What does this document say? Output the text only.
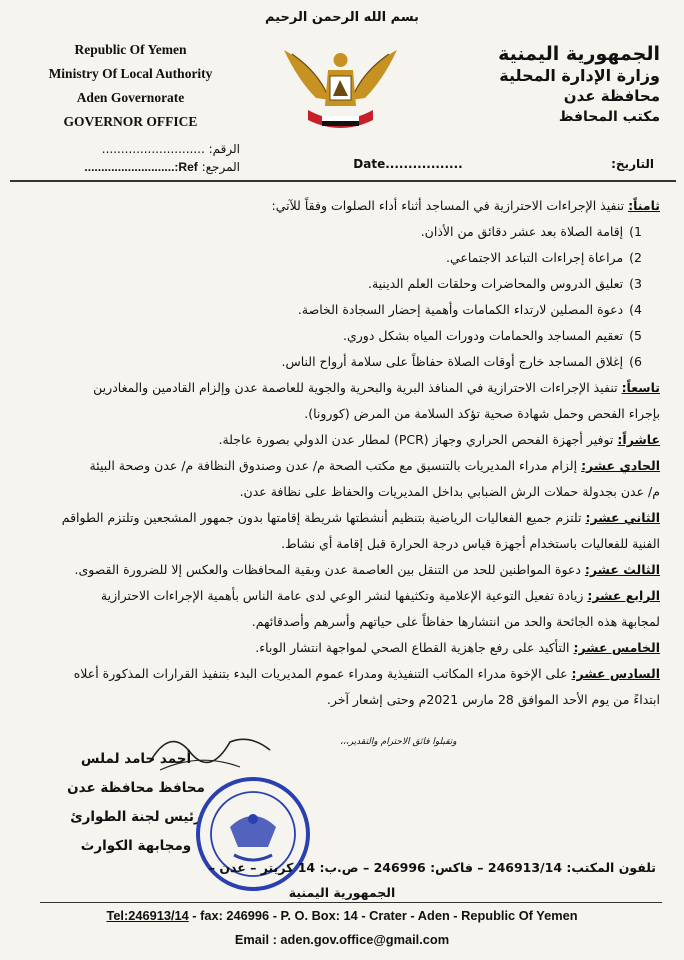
بسم الله الرحمن الرحيم
Republic Of Yemen
Ministry Of Local Authority
Aden Governorate
GOVERNOR OFFICE
الجمهورية اليمنية
وزارة الإدارة المحلية
محافظة عدن
مكتب المحافظ
الرقم: ...........................
المرجع: Ref:...........................	التاريخ:  Date.................
ثامناً: تنفيذ الإجراءات الاحترازية في المساجد أثناء أداء الصلوات وفقاً للآتي:
1)إقامة الصلاة بعد عشر دقائق من الأذان.
2)مراعاة إجراءات التباعد الاجتماعي.
3)تعليق الدروس والمحاضرات وحلقات العلم الدينية.
4)دعوة المصلين لارتداء الكمامات وأهمية إحضار السجادة الخاصة.
5)تعقيم المساجد والحمامات ودورات المياه بشكل دوري.
6)إغلاق المساجد خارج أوقات الصلاة حفاظاً على سلامة أرواح الناس.
تاسعاً: تنفيذ الإجراءات الاحترازية في المنافذ البرية والبحرية والجوية للعاصمة عدن وإلزام القادمين والمغادرين
بإجراء الفحص وحمل شهادة صحية تؤكد السلامة من المرض (كورونا).
عاشراً: توفير أجهزة الفحص الحراري وجهاز (PCR) لمطار عدن الدولي بصورة عاجلة.
الحادي عشر: إلزام مدراء المديريات بالتنسيق مع مكتب الصحة م/ عدن وصندوق النظافة م/ عدن وصحة البيئة
م/ عدن بجدولة حملات الرش الضبابي بداخل المديريات والحفاظ على نظافة عدن.
الثاني عشر: تلتزم جميع الفعاليات الرياضية بتنظيم أنشطتها شريطة إقامتها بدون جمهور المشجعين وتلتزم الطواقم
الفنية للفعاليات باستخدام أجهزة قياس درجة الحرارة قبل إقامة أي نشاط.
الثالث عشر: دعوة المواطنين للحد من التنقل بين العاصمة عدن وبقية المحافظات والعكس إلا للضرورة القصوى.
الرابع عشر: زيادة تفعيل التوعية الإعلامية وتكثيفها لنشر الوعي لدى عامة الناس بأهمية الإجراءات الاحترازية
لمجابهة هذه الجائحة والحد من انتشارها حفاظاً على حياتهم وأسرهم وأصدقائهم.
الخامس عشر: التأكيد على رفع جاهزية القطاع الصحي لمواجهة انتشار الوباء.
السادس عشر: على الإخوة مدراء المكاتب التنفيذية ومدراء عموم المديريات البدء بتنفيذ القرارات المذكورة أعلاه
ابتداءً من يوم الأحد الموافق 28 مارس 2021م وحتى إشعار آخر.
وتقبلوا فائق الاحترام والتقدير،،،
أحمد حامد لملس
محافظ محافظة عدن
رئيس لجنة الطوارئ
ومجابهة الكوارث
تلفون المكتب: 246913/14 – فاكس: 246996 – ص.ب: 14 كريتر – عدن –
الجمهورية اليمنية
Tel:246913/14 - fax: 246996 - P. O. Box: 14 - Crater - Aden - Republic Of Yemen
Email : aden.gov.office@gmail.com
